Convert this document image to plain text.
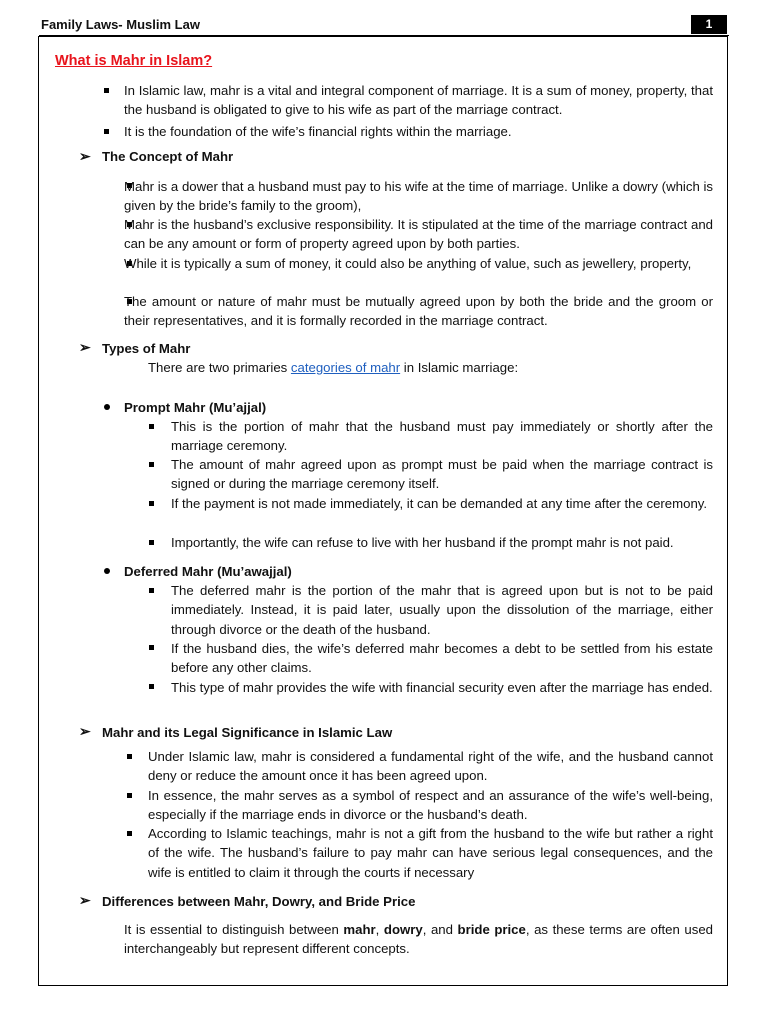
Family Laws- Muslim Law	1
What is Mahr in Islam?
In Islamic law, mahr is a vital and integral component of marriage. It is a sum of money, property, that the husband is obligated to give to his wife as part of the marriage contract.
It is the foundation of the wife’s financial rights within the marriage.
➢ The Concept of Mahr
Mahr is a dower that a husband must pay to his wife at the time of marriage. Unlike a dowry (which is given by the bride’s family to the groom),
Mahr is the husband’s exclusive responsibility. It is stipulated at the time of the marriage contract and can be any amount or form of property agreed upon by both parties.
While it is typically a sum of money, it could also be anything of value, such as jewellery, property,
The amount or nature of mahr must be mutually agreed upon by both the bride and the groom or their representatives, and it is formally recorded in the marriage contract.
➢ Types of Mahr
There are two primaries categories of mahr in Islamic marriage:
Prompt Mahr (Mu’ajjal)
This is the portion of mahr that the husband must pay immediately or shortly after the marriage ceremony.
The amount of mahr agreed upon as prompt must be paid when the marriage contract is signed or during the marriage ceremony itself.
If the payment is not made immediately, it can be demanded at any time after the ceremony.
Importantly, the wife can refuse to live with her husband if the prompt mahr is not paid.
Deferred Mahr (Mu’awajjal)
The deferred mahr is the portion of the mahr that is agreed upon but is not to be paid immediately. Instead, it is paid later, usually upon the dissolution of the marriage, either through divorce or the death of the husband.
If the husband dies, the wife’s deferred mahr becomes a debt to be settled from his estate before any other claims.
This type of mahr provides the wife with financial security even after the marriage has ended.
➢ Mahr and its Legal Significance in Islamic Law
Under Islamic law, mahr is considered a fundamental right of the wife, and the husband cannot deny or reduce the amount once it has been agreed upon.
In essence, the mahr serves as a symbol of respect and an assurance of the wife’s well-being, especially if the marriage ends in divorce or the husband’s death.
According to Islamic teachings, mahr is not a gift from the husband to the wife but rather a right of the wife. The husband’s failure to pay mahr can have serious legal consequences, and the wife is entitled to claim it through the courts if necessary
➢ Differences between Mahr, Dowry, and Bride Price
It is essential to distinguish between mahr, dowry, and bride price, as these terms are often used interchangeably but represent different concepts.
